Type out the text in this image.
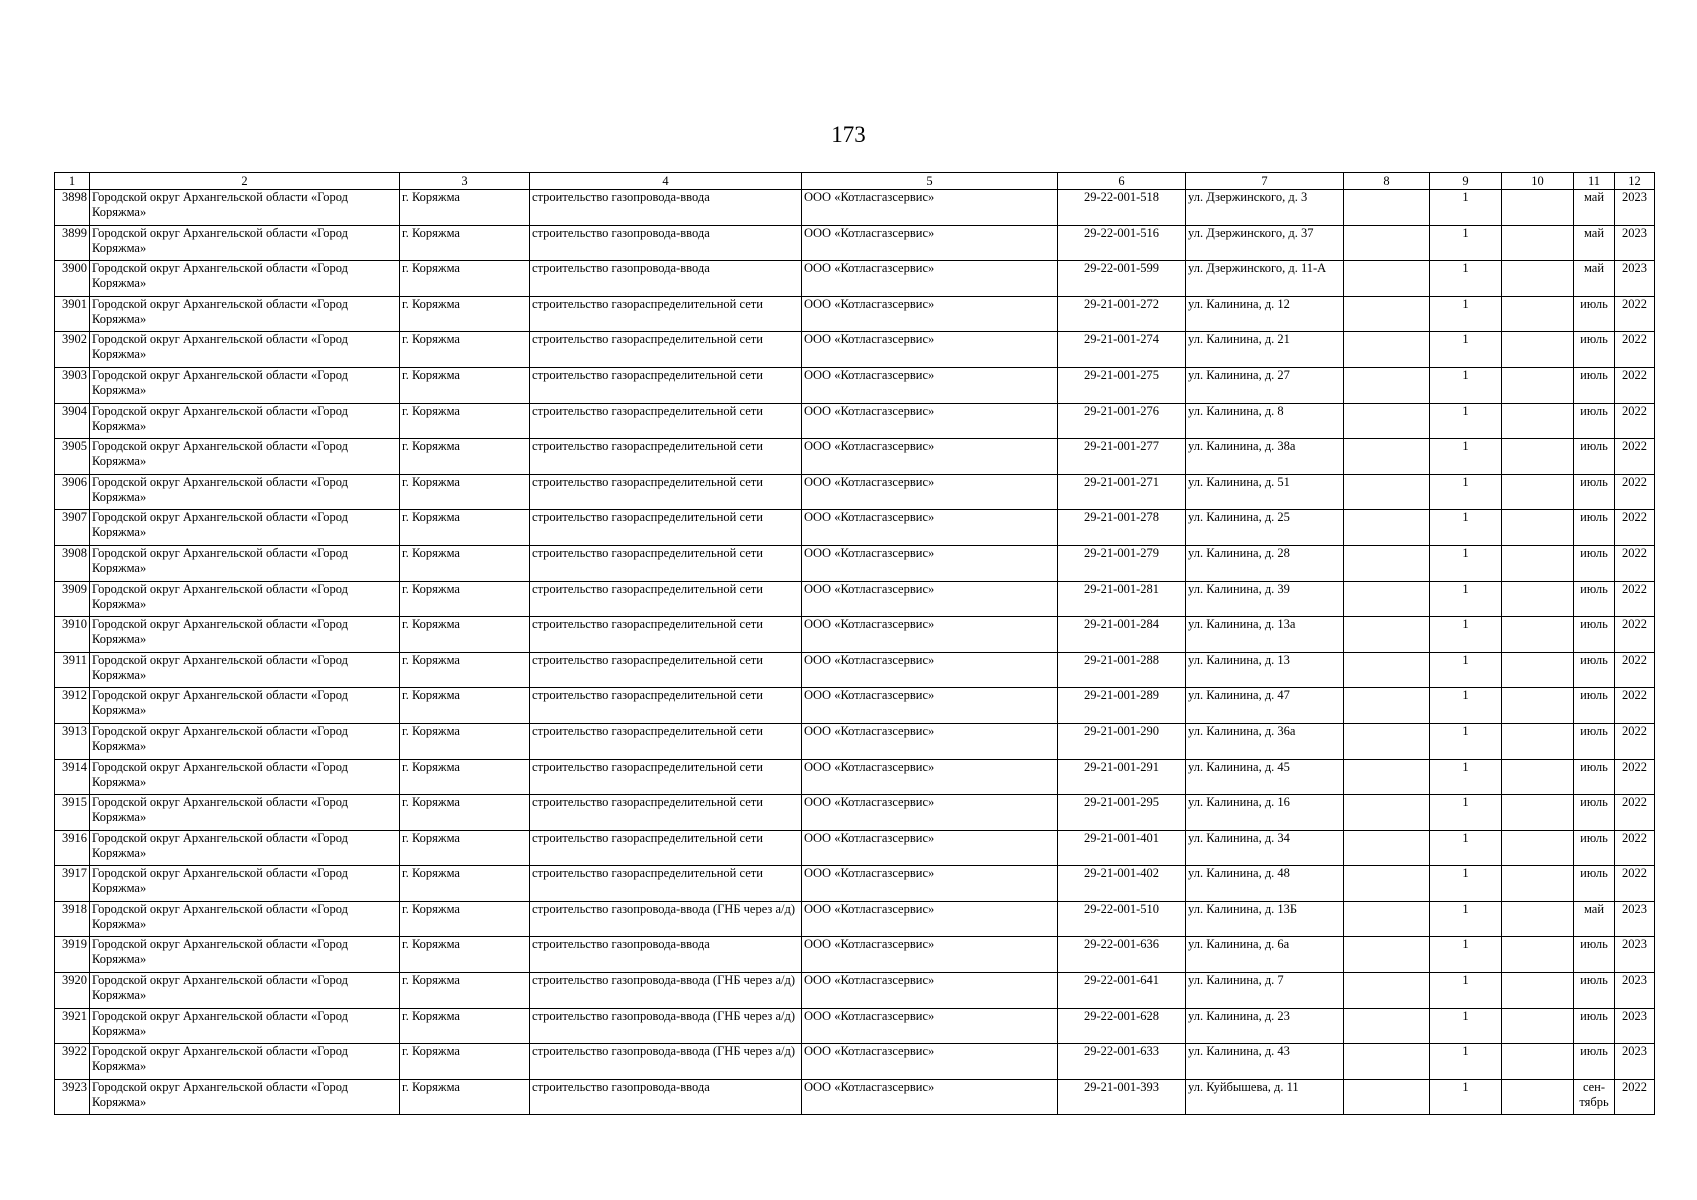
173
1	2	3	4	5	6	7	8	9	10	11	12
3898	Городской округ Архангельской области «Город Коряжма»	г. Коряжма	строительство газопровода-ввода	ООО «Котласгазсервис»	29-22-001-518	ул. Дзержинского, д. 3		1		май	2023
3899	Городской округ Архангельской области «Город Коряжма»	г. Коряжма	строительство газопровода-ввода	ООО «Котласгазсервис»	29-22-001-516	ул. Дзержинского, д. 37		1		май	2023
3900	Городской округ Архангельской области «Город Коряжма»	г. Коряжма	строительство газопровода-ввода	ООО «Котласгазсервис»	29-22-001-599	ул. Дзержинского, д. 11-А		1		май	2023
3901	Городской округ Архангельской области «Город Коряжма»	г. Коряжма	строительство газораспределительной сети	ООО «Котласгазсервис»	29-21-001-272	ул. Калинина, д. 12		1		июль	2022
3902	Городской округ Архангельской области «Город Коряжма»	г. Коряжма	строительство газораспределительной сети	ООО «Котласгазсервис»	29-21-001-274	ул. Калинина, д. 21		1		июль	2022
3903	Городской округ Архангельской области «Город Коряжма»	г. Коряжма	строительство газораспределительной сети	ООО «Котласгазсервис»	29-21-001-275	ул. Калинина, д. 27		1		июль	2022
3904	Городской округ Архангельской области «Город Коряжма»	г. Коряжма	строительство газораспределительной сети	ООО «Котласгазсервис»	29-21-001-276	ул. Калинина, д. 8		1		июль	2022
3905	Городской округ Архангельской области «Город Коряжма»	г. Коряжма	строительство газораспределительной сети	ООО «Котласгазсервис»	29-21-001-277	ул. Калинина, д. 38а		1		июль	2022
3906	Городской округ Архангельской области «Город Коряжма»	г. Коряжма	строительство газораспределительной сети	ООО «Котласгазсервис»	29-21-001-271	ул. Калинина, д. 51		1		июль	2022
3907	Городской округ Архангельской области «Город Коряжма»	г. Коряжма	строительство газораспределительной сети	ООО «Котласгазсервис»	29-21-001-278	ул. Калинина, д. 25		1		июль	2022
3908	Городской округ Архангельской области «Город Коряжма»	г. Коряжма	строительство газораспределительной сети	ООО «Котласгазсервис»	29-21-001-279	ул. Калинина, д. 28		1		июль	2022
3909	Городской округ Архангельской области «Город Коряжма»	г. Коряжма	строительство газораспределительной сети	ООО «Котласгазсервис»	29-21-001-281	ул. Калинина, д. 39		1		июль	2022
3910	Городской округ Архангельской области «Город Коряжма»	г. Коряжма	строительство газораспределительной сети	ООО «Котласгазсервис»	29-21-001-284	ул. Калинина, д. 13а		1		июль	2022
3911	Городской округ Архангельской области «Город Коряжма»	г. Коряжма	строительство газораспределительной сети	ООО «Котласгазсервис»	29-21-001-288	ул. Калинина, д. 13		1		июль	2022
3912	Городской округ Архангельской области «Город Коряжма»	г. Коряжма	строительство газораспределительной сети	ООО «Котласгазсервис»	29-21-001-289	ул. Калинина, д. 47		1		июль	2022
3913	Городской округ Архангельской области «Город Коряжма»	г. Коряжма	строительство газораспределительной сети	ООО «Котласгазсервис»	29-21-001-290	ул. Калинина, д. 36а		1		июль	2022
3914	Городской округ Архангельской области «Город Коряжма»	г. Коряжма	строительство газораспределительной сети	ООО «Котласгазсервис»	29-21-001-291	ул. Калинина, д. 45		1		июль	2022
3915	Городской округ Архангельской области «Город Коряжма»	г. Коряжма	строительство газораспределительной сети	ООО «Котласгазсервис»	29-21-001-295	ул. Калинина, д. 16		1		июль	2022
3916	Городской округ Архангельской области «Город Коряжма»	г. Коряжма	строительство газораспределительной сети	ООО «Котласгазсервис»	29-21-001-401	ул. Калинина, д. 34		1		июль	2022
3917	Городской округ Архангельской области «Город Коряжма»	г. Коряжма	строительство газораспределительной сети	ООО «Котласгазсервис»	29-21-001-402	ул. Калинина, д. 48		1		июль	2022
3918	Городской округ Архангельской области «Город Коряжма»	г. Коряжма	строительство газопровода-ввода (ГНБ через а/д)	ООО «Котласгазсервис»	29-22-001-510	ул. Калинина, д. 13Б		1		май	2023
3919	Городской округ Архангельской области «Город Коряжма»	г. Коряжма	строительство газопровода-ввода	ООО «Котласгазсервис»	29-22-001-636	ул. Калинина, д. 6а		1		июль	2023
3920	Городской округ Архангельской области «Город Коряжма»	г. Коряжма	строительство газопровода-ввода (ГНБ через а/д)	ООО «Котласгазсервис»	29-22-001-641	ул. Калинина, д. 7		1		июль	2023
3921	Городской округ Архангельской области «Город Коряжма»	г. Коряжма	строительство газопровода-ввода (ГНБ через а/д)	ООО «Котласгазсервис»	29-22-001-628	ул. Калинина, д. 23		1		июль	2023
3922	Городской округ Архангельской области «Город Коряжма»	г. Коряжма	строительство газопровода-ввода (ГНБ через а/д)	ООО «Котласгазсервис»	29-22-001-633	ул. Калинина, д. 43		1		июль	2023
3923	Городской округ Архангельской области «Город Коряжма»	г. Коряжма	строительство газопровода-ввода	ООО «Котласгазсервис»	29-21-001-393	ул. Куйбышева, д. 11		1		сен-тябрь	2022
